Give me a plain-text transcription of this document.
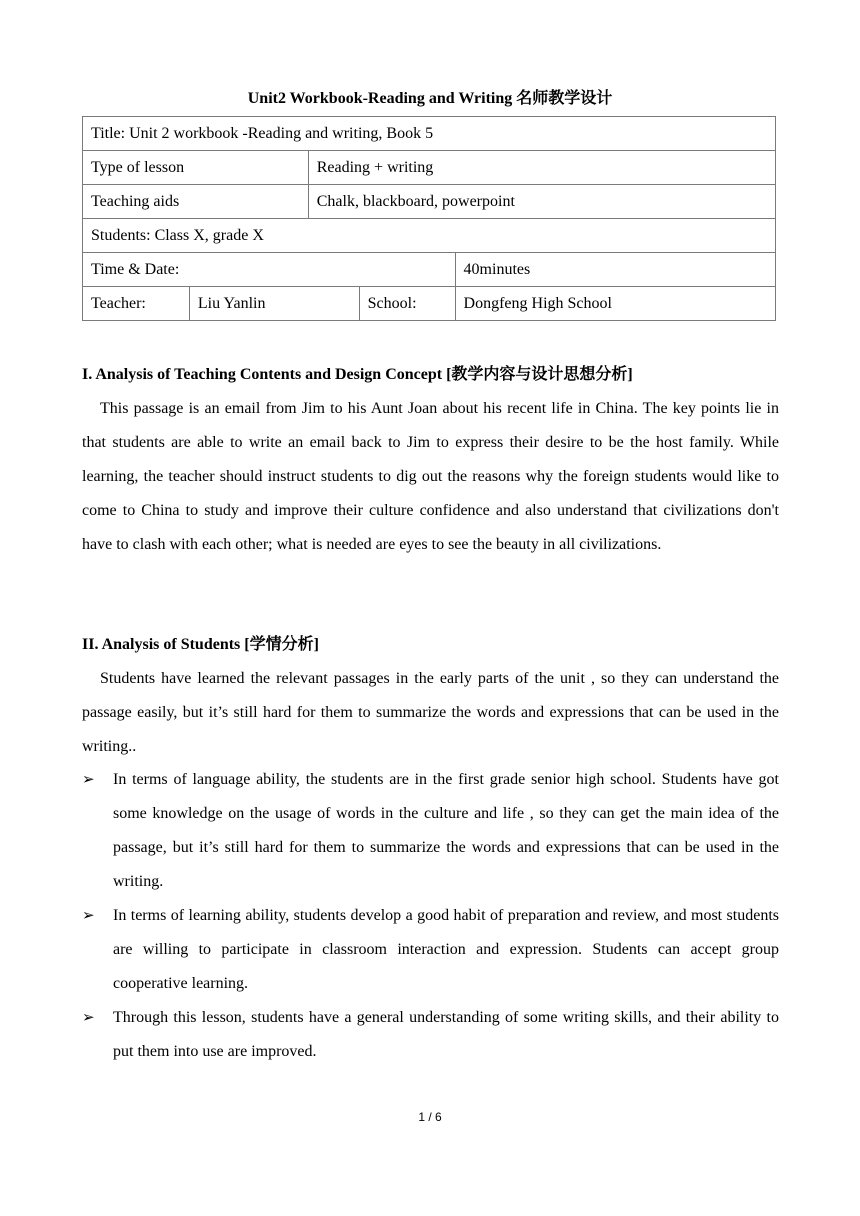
Unit2 Workbook-Reading and Writing 名师教学设计
Title: Unit 2 workbook -Reading and writing, Book 5				
Type of lesson		Reading + writing		
Teaching aids		Chalk, blackboard, powerpoint		
Students: Class X, grade X				
Time & Date:				40minutes
Teacher:	Liu Yanlin		School:	Dongfeng High School
I. Analysis of Teaching Contents and Design Concept [教学内容与设计思想分析]

This passage is an email from Jim to his Aunt Joan about his recent life in China. The key points lie in that students are able to write an email back to Jim to express their desire to be the host family. While learning, the teacher should instruct students to dig out the reasons why the foreign students would like to come to China to study and improve their culture confidence and also understand that civilizations don't have to clash with each other; what is needed are eyes to see the beauty in all civilizations.

II. Analysis of Students [学情分析]

Students have learned the relevant passages in the early parts of the unit , so they can understand the passage easily, but it’s still hard for them to summarize the words and expressions that can be used in the writing..

➢ In terms of language ability, the students are in the first grade senior high school. Students have got some knowledge on the usage of words in the culture and life , so they can get the main idea of the passage, but it’s still hard for them to summarize the words and expressions that can be used in the writing.
➢ In terms of learning ability, students develop a good habit of preparation and review, and most students are willing to participate in classroom interaction and expression. Students can accept group cooperative learning.
➢ Through this lesson, students have a general understanding of some writing skills, and their ability to put them into use are improved.
1 / 6
